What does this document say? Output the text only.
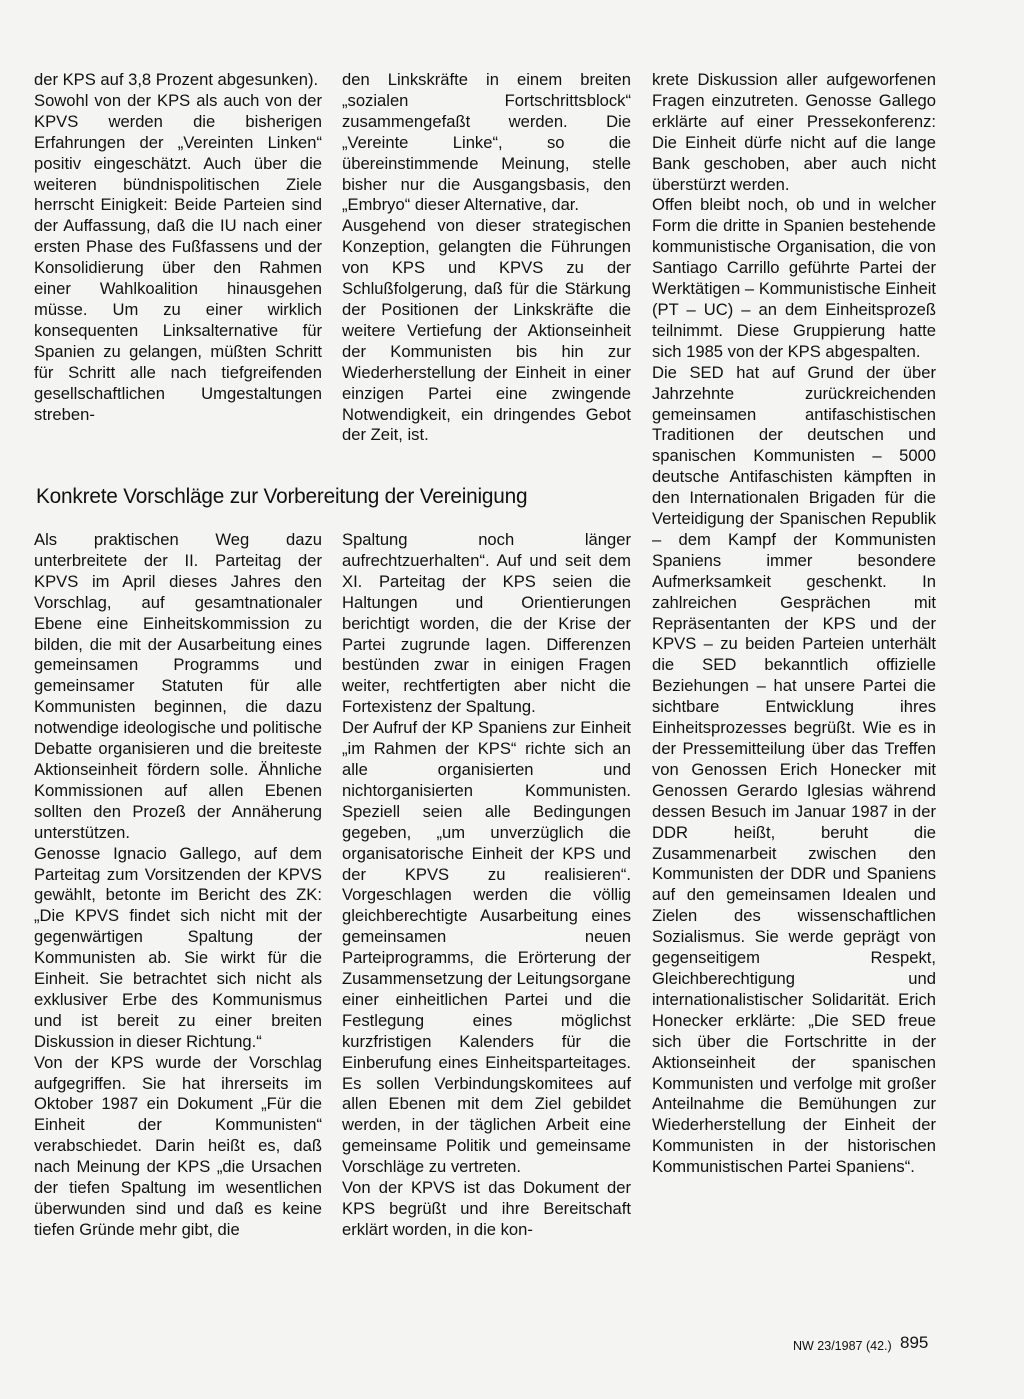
der KPS auf 3,8 Prozent abgesunken).

Sowohl von der KPS als auch von der KPVS werden die bisherigen Erfahrungen der „Vereinten Linken“ positiv eingeschätzt. Auch über die weiteren bündnispolitischen Ziele herrscht Einigkeit: Beide Parteien sind der Auffassung, daß die IU nach einer ersten Phase des Fußfassens und der Konsolidierung über den Rahmen einer Wahlkoalition hinausgehen müsse. Um zu einer wirklich konsequenten Linksalternative für Spanien zu gelangen, müßten Schritt für Schritt alle nach tiefgreifenden gesellschaftlichen Umgestaltungen streben-

den Linkskräfte in einem breiten „sozialen Fortschrittsblock“ zusammengefaßt werden. Die „Vereinte Linke“, so die übereinstimmende Meinung, stelle bisher nur die Ausgangsbasis, den „Embryo“ dieser Alternative, dar.

Ausgehend von dieser strategischen Konzeption, gelangten die Führungen von KPS und KPVS zu der Schlußfolgerung, daß für die Stärkung der Positionen der Linkskräfte die weitere Vertiefung der Aktionseinheit der Kommunisten bis hin zur Wiederherstellung der Einheit in einer einzigen Partei eine zwingende Notwendigkeit, ein dringendes Gebot der Zeit, ist.

krete Diskussion aller aufgeworfenen Fragen einzutreten. Genosse Gallego erklärte auf einer Pressekonferenz: Die Einheit dürfe nicht auf die lange Bank geschoben, aber auch nicht überstürzt werden.

Offen bleibt noch, ob und in welcher Form die dritte in Spanien bestehende kommunistische Organisation, die von Santiago Carrillo geführte Partei der Werktätigen – Kommunistische Einheit (PT – UC) – an dem Einheitsprozeß teilnimmt. Diese Gruppierung hatte sich 1985 von der KPS abgespalten.

Die SED hat auf Grund der über Jahrzehnte zurückreichenden gemeinsamen antifaschistischen Traditionen der deutschen und spanischen Kommunisten – 5000 deutsche Antifaschisten kämpften in den Internationalen Brigaden für die Verteidigung der Spanischen Republik – dem Kampf der Kommunisten Spaniens immer besondere Aufmerksamkeit geschenkt. In zahlreichen Gesprächen mit Repräsentanten der KPS und der KPVS – zu beiden Parteien unterhält die SED bekanntlich offizielle Beziehungen – hat unsere Partei die sichtbare Entwicklung ihres Einheitsprozesses begrüßt. Wie es in der Pressemitteilung über das Treffen von Genossen Erich Honecker mit Genossen Gerardo Iglesias während dessen Besuch im Januar 1987 in der DDR heißt, beruht die Zusammenarbeit zwischen den Kommunisten der DDR und Spaniens auf den gemeinsamen Idealen und Zielen des wissenschaftlichen Sozialismus. Sie werde geprägt von gegenseitigem Respekt, Gleichberechtigung und internationalistischer Solidarität. Erich Honecker erklärte: „Die SED freue sich über die Fortschritte in der Aktionseinheit der spanischen Kommunisten und verfolge mit großer Anteilnahme die Bemühungen zur Wiederherstellung der Einheit der Kommunisten in der historischen Kommunistischen Partei Spaniens“.

Konkrete Vorschläge zur Vorbereitung der Vereinigung

Als praktischen Weg dazu unterbreitete der II. Parteitag der KPVS im April dieses Jahres den Vorschlag, auf gesamtnationaler Ebene eine Einheitskommission zu bilden, die mit der Ausarbeitung eines gemeinsamen Programms und gemeinsamer Statuten für alle Kommunisten beginnen, die dazu notwendige ideologische und politische Debatte organisieren und die breiteste Aktionseinheit fördern solle. Ähnliche Kommissionen auf allen Ebenen sollten den Prozeß der Annäherung unterstützen.

Genosse Ignacio Gallego, auf dem Parteitag zum Vorsitzenden der KPVS gewählt, betonte im Bericht des ZK: „Die KPVS findet sich nicht mit der gegenwärtigen Spaltung der Kommunisten ab. Sie wirkt für die Einheit. Sie betrachtet sich nicht als exklusiver Erbe des Kommunismus und ist bereit zu einer breiten Diskussion in dieser Richtung.“

Von der KPS wurde der Vorschlag aufgegriffen. Sie hat ihrerseits im Oktober 1987 ein Dokument „Für die Einheit der Kommunisten“ verabschiedet. Darin heißt es, daß nach Meinung der KPS „die Ursachen der tiefen Spaltung im wesentlichen überwunden sind und daß es keine tiefen Gründe mehr gibt, die

Spaltung noch länger aufrechtzuerhalten“. Auf und seit dem XI. Parteitag der KPS seien die Haltungen und Orientierungen berichtigt worden, die der Krise der Partei zugrunde lagen. Differenzen bestünden zwar in einigen Fragen weiter, rechtfertigten aber nicht die Fortexistenz der Spaltung.

Der Aufruf der KP Spaniens zur Einheit „im Rahmen der KPS“ richte sich an alle organisierten und nichtorganisierten Kommunisten. Speziell seien alle Bedingungen gegeben, „um unverzüglich die organisatorische Einheit der KPS und der KPVS zu realisieren“. Vorgeschlagen werden die völlig gleichberechtigte Ausarbeitung eines gemeinsamen neuen Parteiprogramms, die Erörterung der Zusammensetzung der Leitungsorgane einer einheitlichen Partei und die Festlegung eines möglichst kurzfristigen Kalenders für die Einberufung eines Einheitsparteitages. Es sollen Verbindungskomitees auf allen Ebenen mit dem Ziel gebildet werden, in der täglichen Arbeit eine gemeinsame Politik und gemeinsame Vorschläge zu vertreten.

Von der KPVS ist das Dokument der KPS begrüßt und ihre Bereitschaft erklärt worden, in die kon-

NW 23/1987 (42.) 895
